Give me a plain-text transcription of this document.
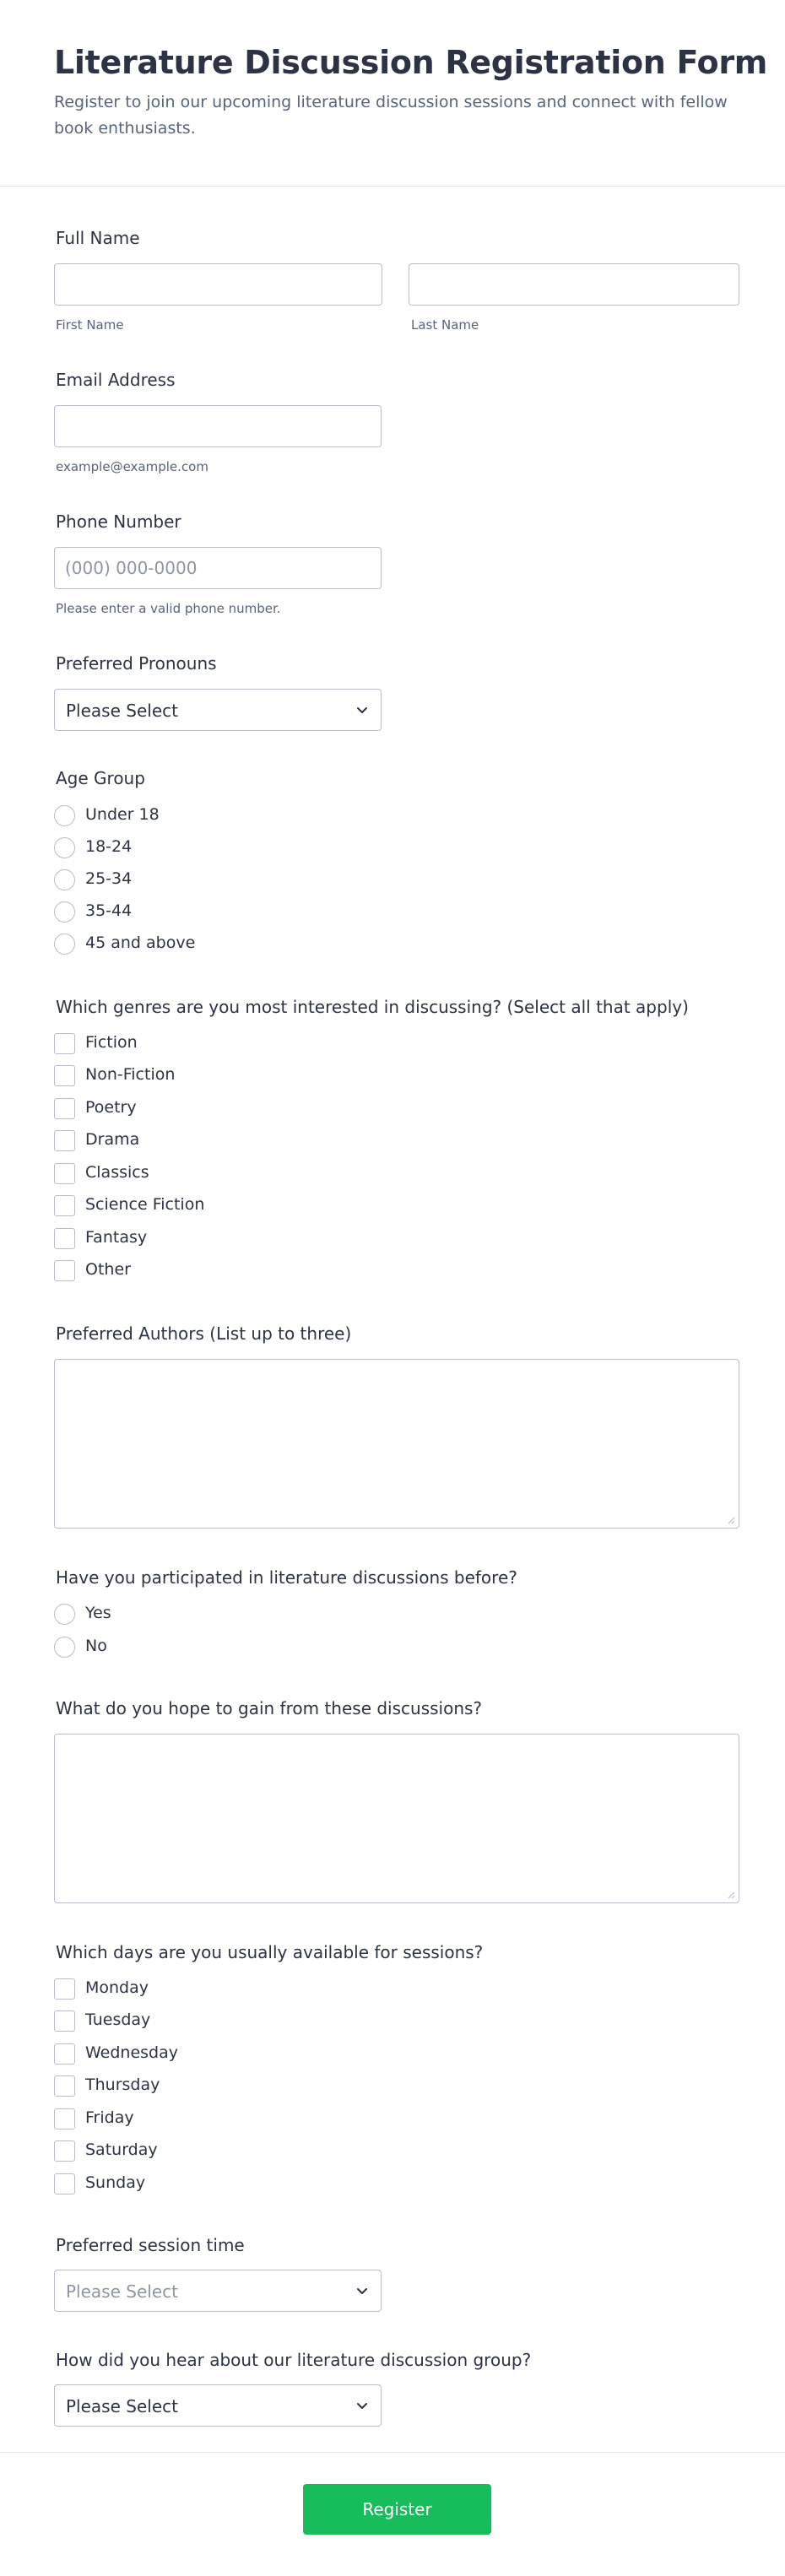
Literature Discussion Registration Form

Register to join our upcoming literature discussion sessions and connect with fellow book enthusiasts.

Full Name
First Name	Last Name
Email Address
example@example.com
Phone Number
(000) 000-0000
Please enter a valid phone number.
Preferred Pronouns
Please Select
Age Group
Under 18
18-24
25-34
35-44
45 and above
Which genres are you most interested in discussing? (Select all that apply)
Fiction
Non-Fiction
Poetry
Drama
Classics
Science Fiction
Fantasy
Other
Preferred Authors (List up to three)
Have you participated in literature discussions before?
Yes
No
What do you hope to gain from these discussions?
Which days are you usually available for sessions?
Monday
Tuesday
Wednesday
Thursday
Friday
Saturday
Sunday
Preferred session time
Please Select
How did you hear about our literature discussion group?
Please Select
Register
